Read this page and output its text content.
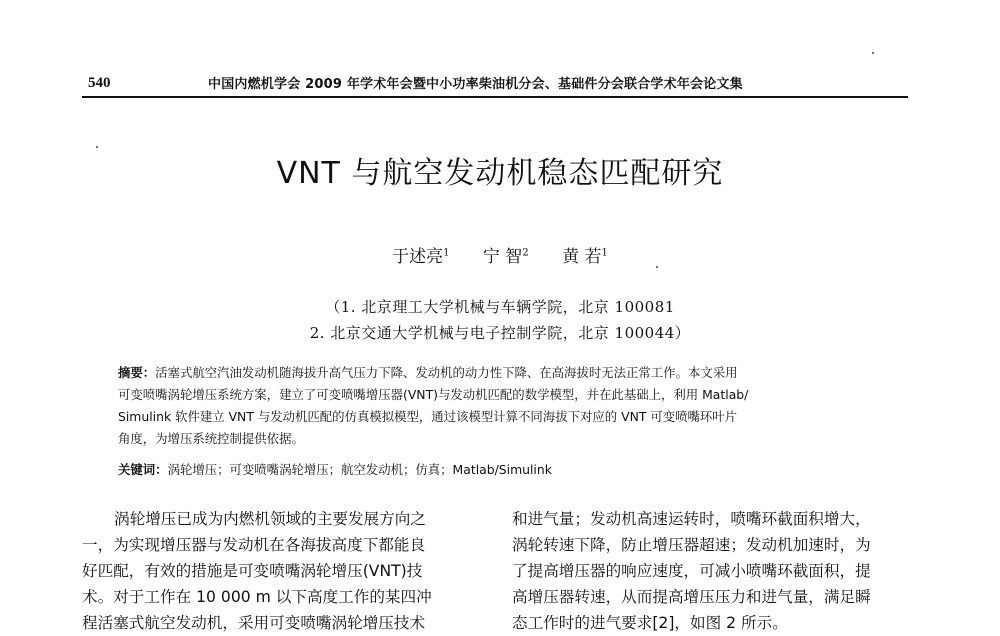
540	中国内燃机学会 2009 年学术年会暨中小功率柴油机分会、基础件分会联合学术年会论文集
VNT 与航空发动机稳态匹配研究
于述亮$^1$ 宁 智$^2$ 黄 若$^1$
（1. 北京理工大学机械与车辆学院，北京 100081
2. 北京交通大学机械与电子控制学院，北京 100044）
摘要：活塞式航空汽油发动机随海拔升高气压力下降、发动机的动力性下降、在高海拔时无法正常工作。本文采用
可变喷嘴涡轮增压系统方案，建立了可变喷嘴增压器(VNT)与发动机匹配的数学模型，并在此基础上，利用 Matlab/
Simulink 软件建立 VNT 与发动机匹配的仿真模拟模型，通过该模型计算不同海拔下对应的 VNT 可变喷嘴环叶片
角度，为增压系统控制提供依据。
关键词：涡轮增压；可变喷嘴涡轮增压；航空发动机；仿真；Matlab/Simulink
涡轮增压已成为内燃机领域的主要发展方向之
一，为实现增压器与发动机在各海拔高度下都能良
好匹配，有效的措施是可变喷嘴涡轮增压(VNT)技
术。对于工作在 10 000 m 以下高度工作的某四冲
程活塞式航空发动机，采用可变喷嘴涡轮增压技术
和进气量；发动机高速运转时，喷嘴环截面积增大，
涡轮转速下降，防止增压器超速；发动机加速时，为
了提高增压器的响应速度，可减小喷嘴环截面积，提
高增压器转速，从而提高增压压力和进气量，满足瞬
态工作时的进气要求[2]，如图 2 所示。
